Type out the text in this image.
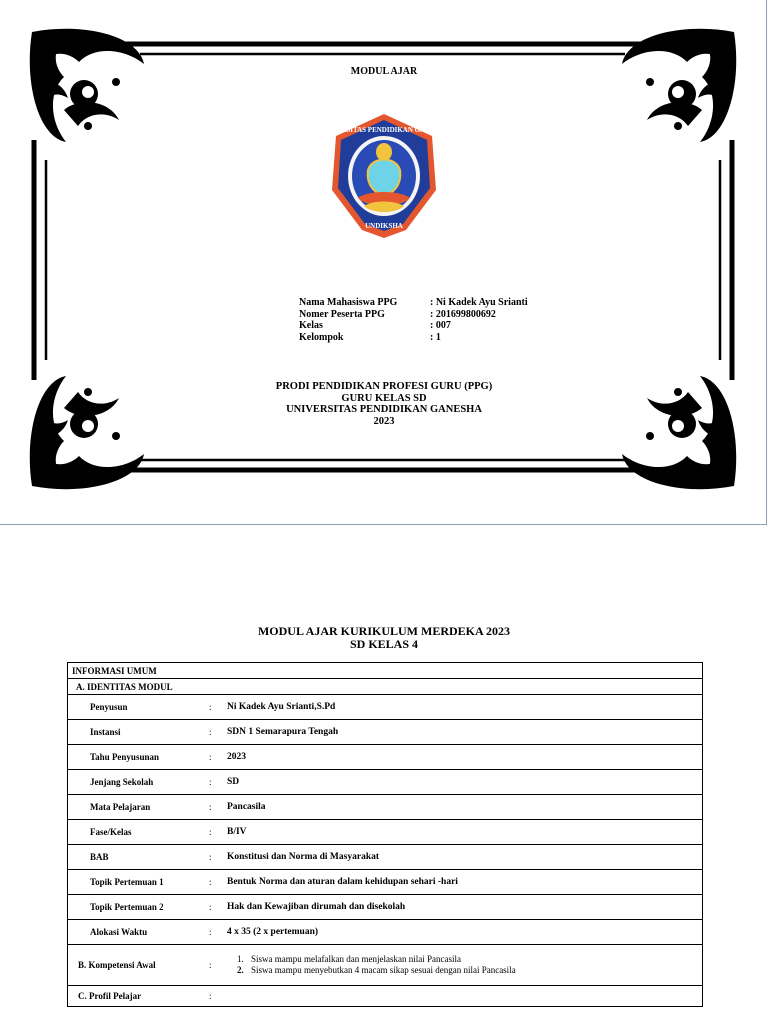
MODUL AJAR
UNIVERSITAS PENDIDIKAN GANESHA
UNDIKSHA
Nama Mahasiswa PPG	: Ni Kadek Ayu Srianti
Nomer Peserta PPG	: 201699800692
Kelas	: 007
Kelompok	: 1
PRODI PENDIDIKAN PROFESI GURU (PPG)
GURU KELAS SD
UNIVERSITAS PENDIDIKAN GANESHA
2023
MODUL AJAR KURIKULUM MERDEKA 2023
SD KELAS 4
INFORMASI UMUM
A. IDENTITAS MODUL
Penyusun	:	Ni Kadek Ayu Srianti,S.Pd
Instansi	:	SDN 1 Semarapura Tengah
Tahu Penyusunan	:	2023
Jenjang Sekolah	:	SD
Mata Pelajaran	:	Pancasila
Fase/Kelas	:	B/IV
BAB	:	Konstitusi dan Norma di Masyarakat
Topik Pertemuan 1	:	Bentuk Norma dan aturan dalam kehidupan sehari -hari
Topik Pertemuan 2	:	Hak dan Kewajiban dirumah dan disekolah
Alokasi Waktu	:	4 x 35 (2 x pertemuan)
B. Kompetensi Awal	:
1. Siswa mampu melafalkan dan menjelaskan nilai Pancasila
2. Siswa mampu menyebutkan 4 macam sikap sesuai dengan nilai Pancasila
C. Profil Pelajar	:
